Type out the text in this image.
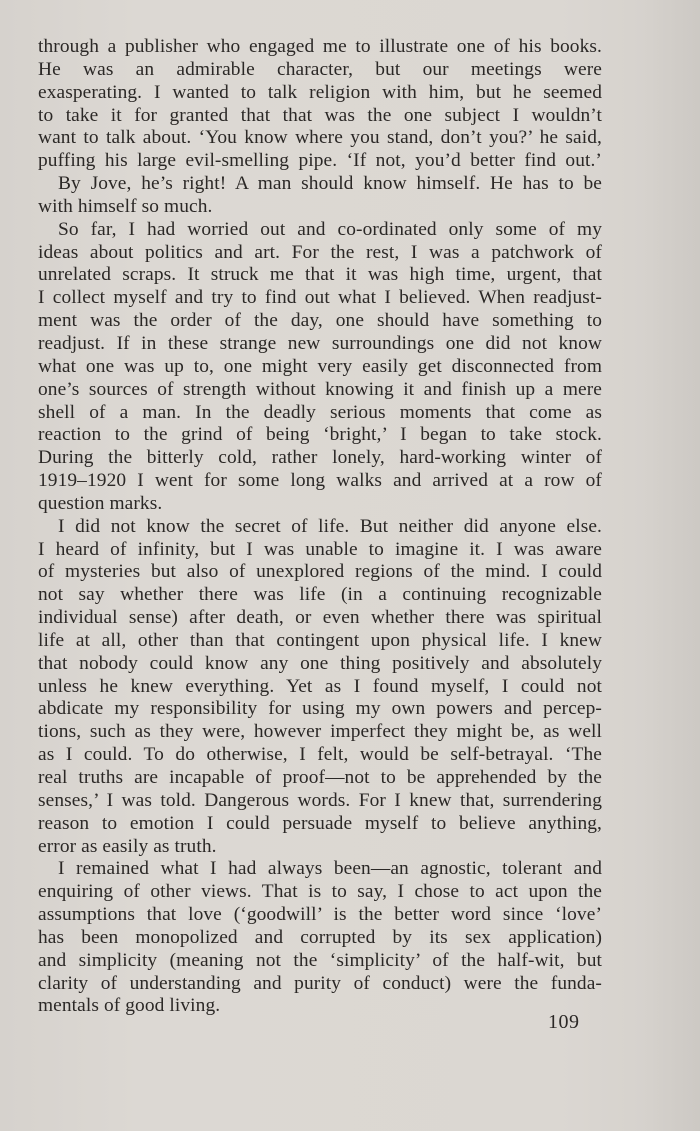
through a publisher who engaged me to illustrate one of his books.
He was an admirable character, but our meetings were
exasperating. I wanted to talk religion with him, but he seemed
to take it for granted that that was the one subject I wouldn’t
want to talk about. ‘You know where you stand, don’t you?’ he said,
puffing his large evil-smelling pipe. ‘If not, you’d better find out.’
By Jove, he’s right! A man should know himself. He has to be
with himself so much.
So far, I had worried out and co-ordinated only some of my
ideas about politics and art. For the rest, I was a patchwork of
unrelated scraps. It struck me that it was high time, urgent, that
I collect myself and try to find out what I believed. When readjust-
ment was the order of the day, one should have something to
readjust. If in these strange new surroundings one did not know
what one was up to, one might very easily get disconnected from
one’s sources of strength without knowing it and finish up a mere
shell of a man. In the deadly serious moments that come as
reaction to the grind of being ‘bright,’ I began to take stock.
During the bitterly cold, rather lonely, hard-working winter of
1919–1920 I went for some long walks and arrived at a row of
question marks.
I did not know the secret of life. But neither did anyone else.
I heard of infinity, but I was unable to imagine it. I was aware
of mysteries but also of unexplored regions of the mind. I could
not say whether there was life (in a continuing recognizable
individual sense) after death, or even whether there was spiritual
life at all, other than that contingent upon physical life. I knew
that nobody could know any one thing positively and absolutely
unless he knew everything. Yet as I found myself, I could not
abdicate my responsibility for using my own powers and percep-
tions, such as they were, however imperfect they might be, as well
as I could. To do otherwise, I felt, would be self-betrayal. ‘The
real truths are incapable of proof—not to be apprehended by the
senses,’ I was told. Dangerous words. For I knew that, surrendering
reason to emotion I could persuade myself to believe anything,
error as easily as truth.
I remained what I had always been—an agnostic, tolerant and
enquiring of other views. That is to say, I chose to act upon the
assumptions that love (‘goodwill’ is the better word since ‘love’
has been monopolized and corrupted by its sex application)
and simplicity (meaning not the ‘simplicity’ of the half-wit, but
clarity of understanding and purity of conduct) were the funda-
mentals of good living.
109
